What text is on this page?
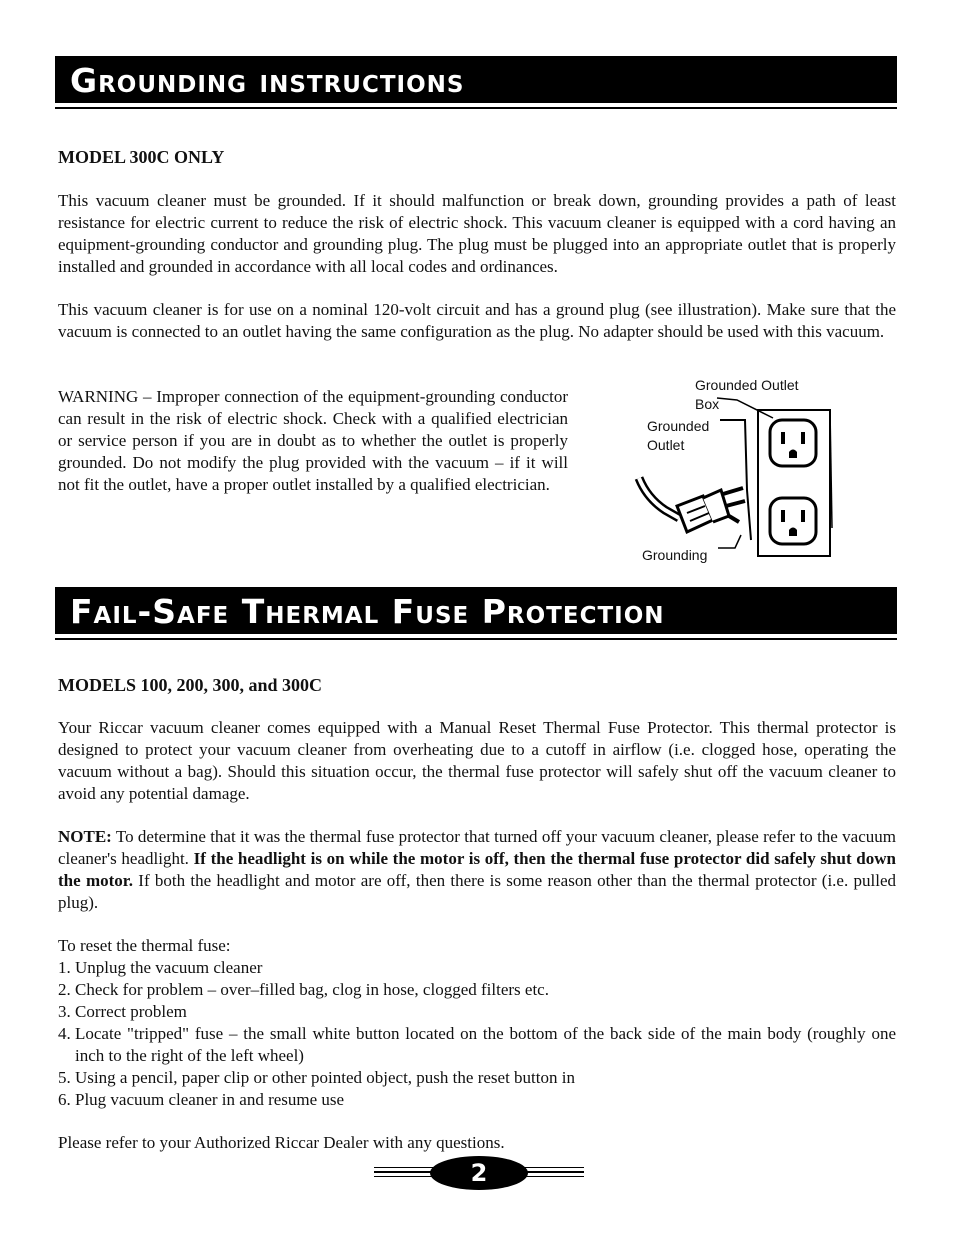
Grounding instructions
MODEL 300C ONLY

This vacuum cleaner must be grounded. If it should malfunction or break down, grounding provides a path of least resistance for electric current to reduce the risk of electric shock. This vacuum cleaner is equipped with a cord having an equipment-grounding conductor and grounding plug. The plug must be plugged into an appropriate outlet that is properly installed and grounded in accordance with all local codes and ordinances.

This vacuum cleaner is for use on a nominal 120-volt circuit and has a ground plug (see illustration). Make sure that the vacuum is connected to an outlet having the same configuration as the plug. No adapter should be used with this vacuum.

WARNING – Improper connection of the equipment-grounding conductor can result in the risk of electric shock. Check with a qualified electrician or service person if you are in doubt as to whether the outlet is properly grounded. Do not modify the plug provided with the vacuum – if it will not fit the outlet, have a proper outlet installed by a qualified electrician.

Grounded Outlet
Box
Grounded
Outlet
Grounding
Fail-Safe Thermal Fuse Protection
MODELS 100, 200, 300, and 300C

Your Riccar vacuum cleaner comes equipped with a Manual Reset Thermal Fuse Protector. This thermal protector is designed to protect your vacuum cleaner from overheating due to a cutoff in airflow (i.e. clogged hose, operating the vacuum without a bag). Should this situation occur, the thermal fuse protector will safely shut off the vacuum cleaner to avoid any potential damage.

NOTE: To determine that it was the thermal fuse protector that turned off your vacuum cleaner, please refer to the vacuum cleaner's headlight. If the headlight is on while the motor is off, then the thermal fuse protector did safely shut down the motor. If both the headlight and motor are off, then there is some reason other than the thermal protector (i.e. pulled plug).

To reset the thermal fuse:

1. Unplug the vacuum cleaner
2. Check for problem – over–filled bag, clog in hose, clogged filters etc.
3. Correct problem
4. Locate "tripped" fuse – the small white button located on the bottom of the back side of the main body (roughly one inch to the right of the left wheel)
5. Using a pencil, paper clip or other pointed object, push the reset button in
6. Plug vacuum cleaner in and resume use

Please refer to your Authorized Riccar Dealer with any questions.

2
